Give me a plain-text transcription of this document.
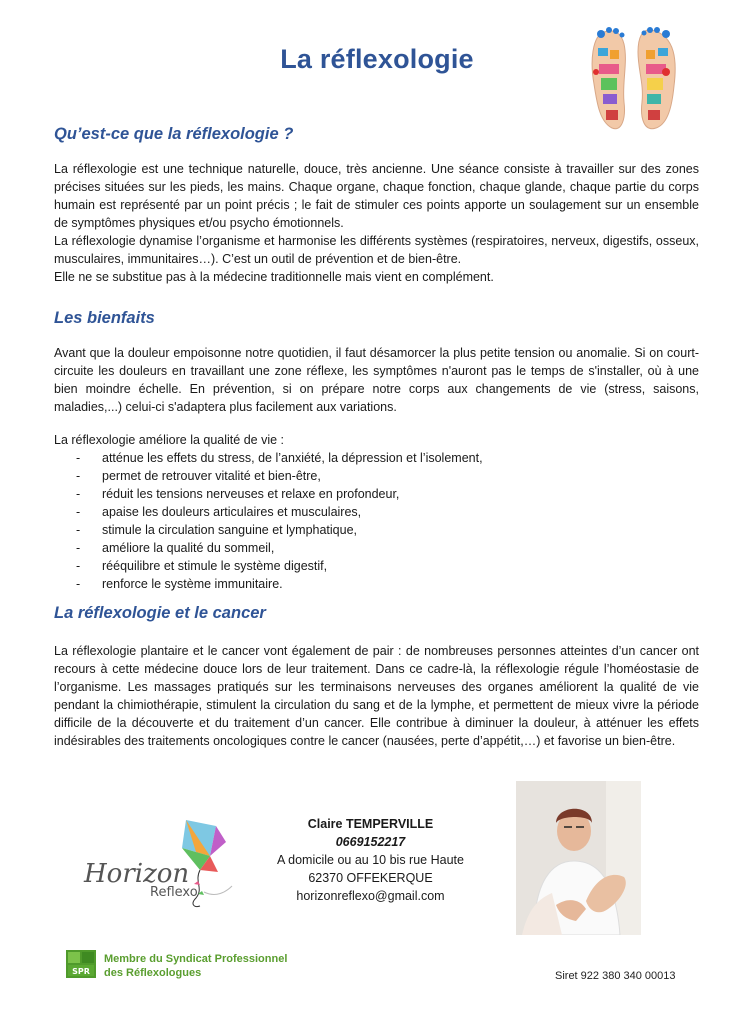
La réflexologie
Qu’est-ce que la réflexologie ?

La réflexologie est une technique naturelle, douce, très ancienne. Une séance consiste à travailler sur des zones précises situées sur les pieds, les mains. Chaque organe, chaque fonction, chaque glande, chaque partie du corps humain est représenté par un point précis ; le fait de stimuler ces points apporte un soulagement sur un ensemble de symptômes physiques et/ou psycho émotionnels.

La réflexologie dynamise l’organisme et harmonise les différents systèmes (respiratoires, nerveux, digestifs, osseux, musculaires, immunitaires…). C’est un outil de prévention et de bien-être.

Elle ne se substitue pas à la médecine traditionnelle mais vient en complément.

Les bienfaits

Avant que la douleur empoisonne notre quotidien, il faut désamorcer la plus petite tension ou anomalie. Si on court-circuite les douleurs en travaillant une zone réflexe, les symptômes n'auront pas le temps de s'installer, où à une bien moindre échelle. En prévention, si on prépare notre corps aux changements de vie (stress, saisons, maladies,...) celui-ci s'adaptera plus facilement aux variations.

La réflexologie améliore la qualité de vie :
- atténue les effets du stress, de l’anxiété, la dépression et l’isolement,
- permet de retrouver vitalité et bien-être,
- réduit les tensions nerveuses et relaxe en profondeur,
- apaise les douleurs articulaires et musculaires,
- stimule la circulation sanguine et lymphatique,
- améliore la qualité du sommeil,
- rééquilibre et stimule le système digestif,
- renforce le système immunitaire.
La réflexologie et le cancer

La réflexologie plantaire et le cancer vont également de pair : de nombreuses personnes atteintes d’un cancer ont recours à cette médecine douce lors de leur traitement. Dans ce cadre-là, la réflexologie régule l’homéostasie de l’organisme. Les massages pratiqués sur les terminaisons nerveuses des organes améliorent la qualité de vie pendant la chimiothérapie, stimulent la circulation du sang et de la lymphe, et permettent de mieux vivre la période difficile de la découverte et du traitement d’un cancer. Elle contribue à diminuer la douleur, à atténuer les effets indésirables des traitements oncologiques contre le cancer (nausées, perte d’appétit,…) et favorise un bien-être.

Horizon
Reflexo
Claire TEMPERVILLE
0669152217
A domicile ou au 10 bis rue Haute
62370 OFFEKERQUE
horizonreflexo@gmail.com
SPR
Membre du Syndicat Professionnel
des Réflexologues	Siret 922 380 340 00013
